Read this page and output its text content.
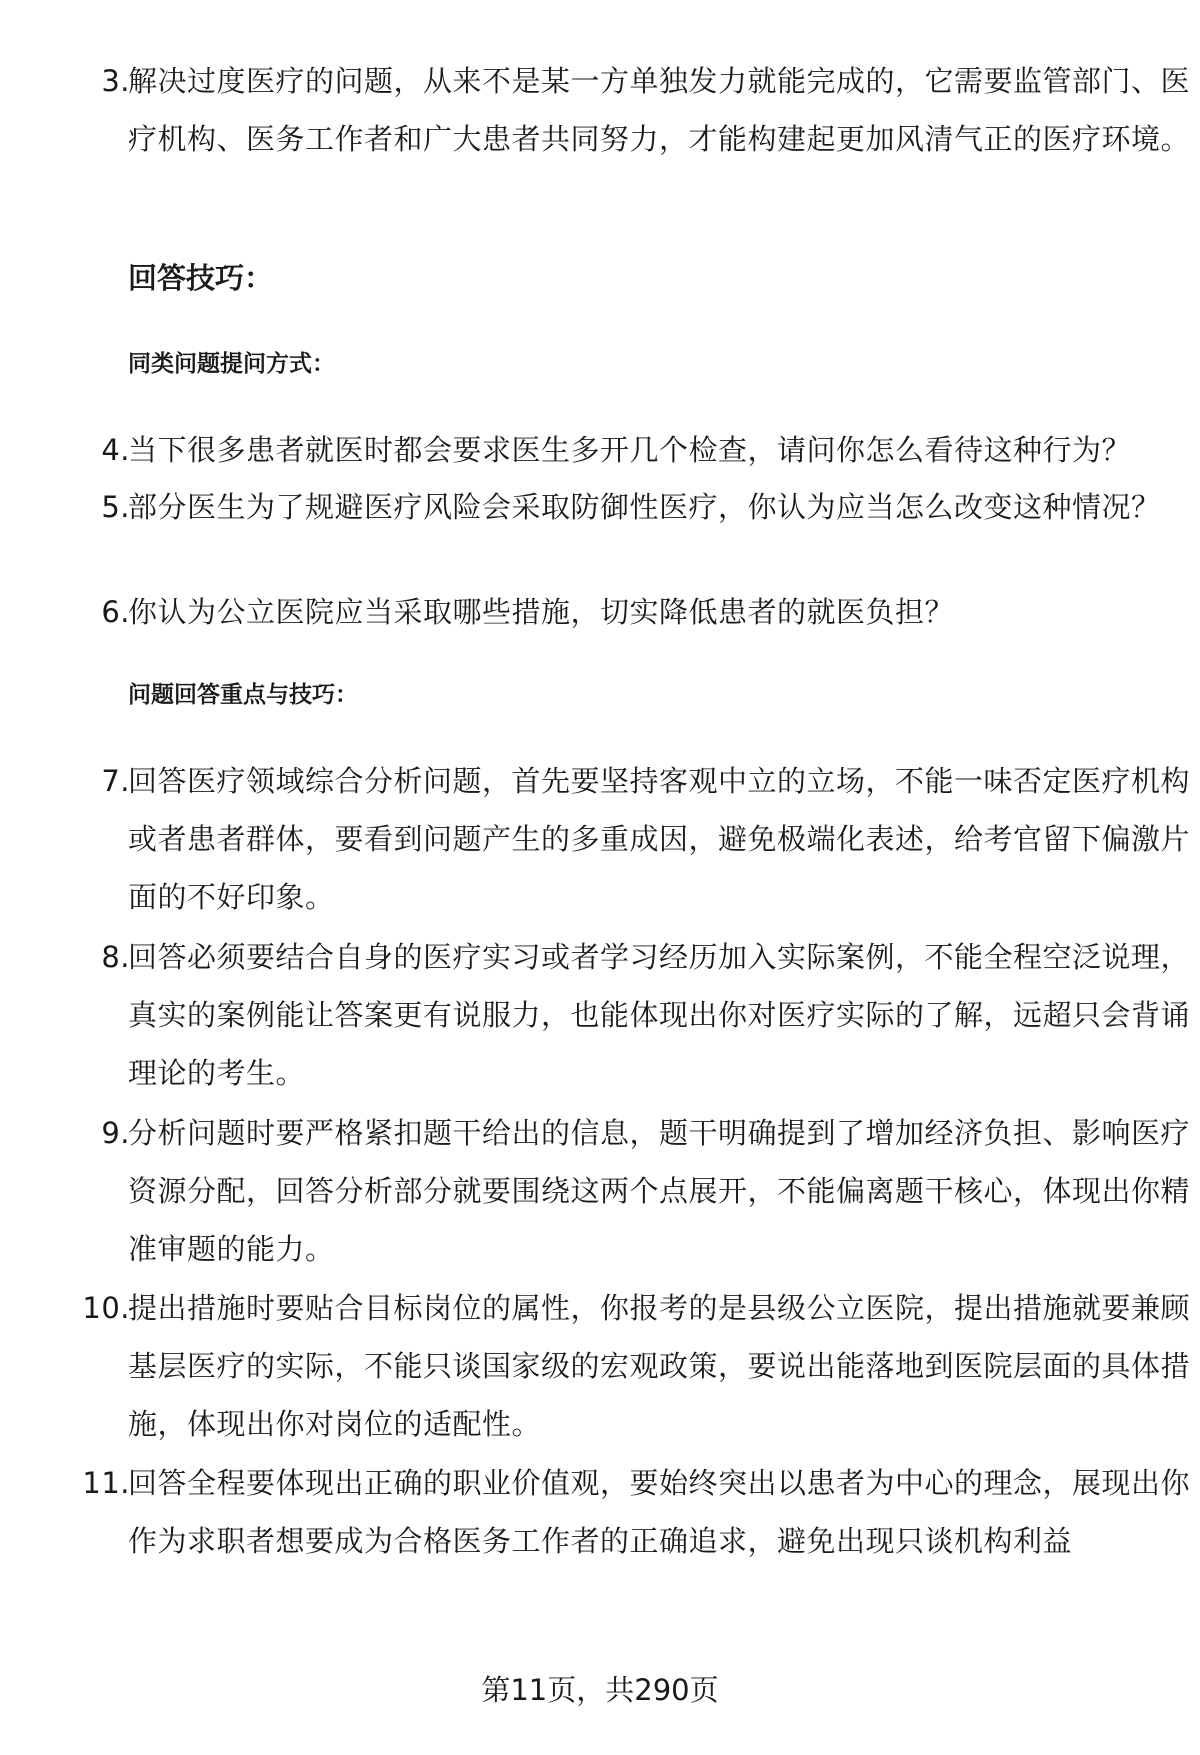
3.
解决过度医疗的问题，从来不是某一方单独发力就能完成的，它需要监管部门、医疗机构、医务工作者和广大患者共同努力，才能构建起更加风清气正的医疗环境。
回答技巧：
同类问题提问方式：
4.
当下很多患者就医时都会要求医生多开几个检查，请问你怎么看待这种行为？
5.
部分医生为了规避医疗风险会采取防御性医疗，你认为应当怎么改变这种情况？
6.
你认为公立医院应当采取哪些措施，切实降低患者的就医负担？
问题回答重点与技巧：
7.
回答医疗领域综合分析问题，首先要坚持客观中立的立场，不能一味否定医疗机构或者患者群体，要看到问题产生的多重成因，避免极端化表述，给考官留下偏激片面的不好印象。
8.
回答必须要结合自身的医疗实习或者学习经历加入实际案例，不能全程空泛说理，真实的案例能让答案更有说服力，也能体现出你对医疗实际的了解，远超只会背诵理论的考生。
9.
分析问题时要严格紧扣题干给出的信息，题干明确提到了增加经济负担、影响医疗资源分配，回答分析部分就要围绕这两个点展开，不能偏离题干核心，体现出你精准审题的能力。
10.
提出措施时要贴合目标岗位的属性，你报考的是县级公立医院，提出措施就要兼顾基层医疗的实际，不能只谈国家级的宏观政策，要说出能落地到医院层面的具体措施，体现出你对岗位的适配性。
11.
回答全程要体现出正确的职业价值观，要始终突出以患者为中心的理念，展现出你作为求职者想要成为合格医务工作者的正确追求，避免出现只谈机构利益
第11页，共290页
